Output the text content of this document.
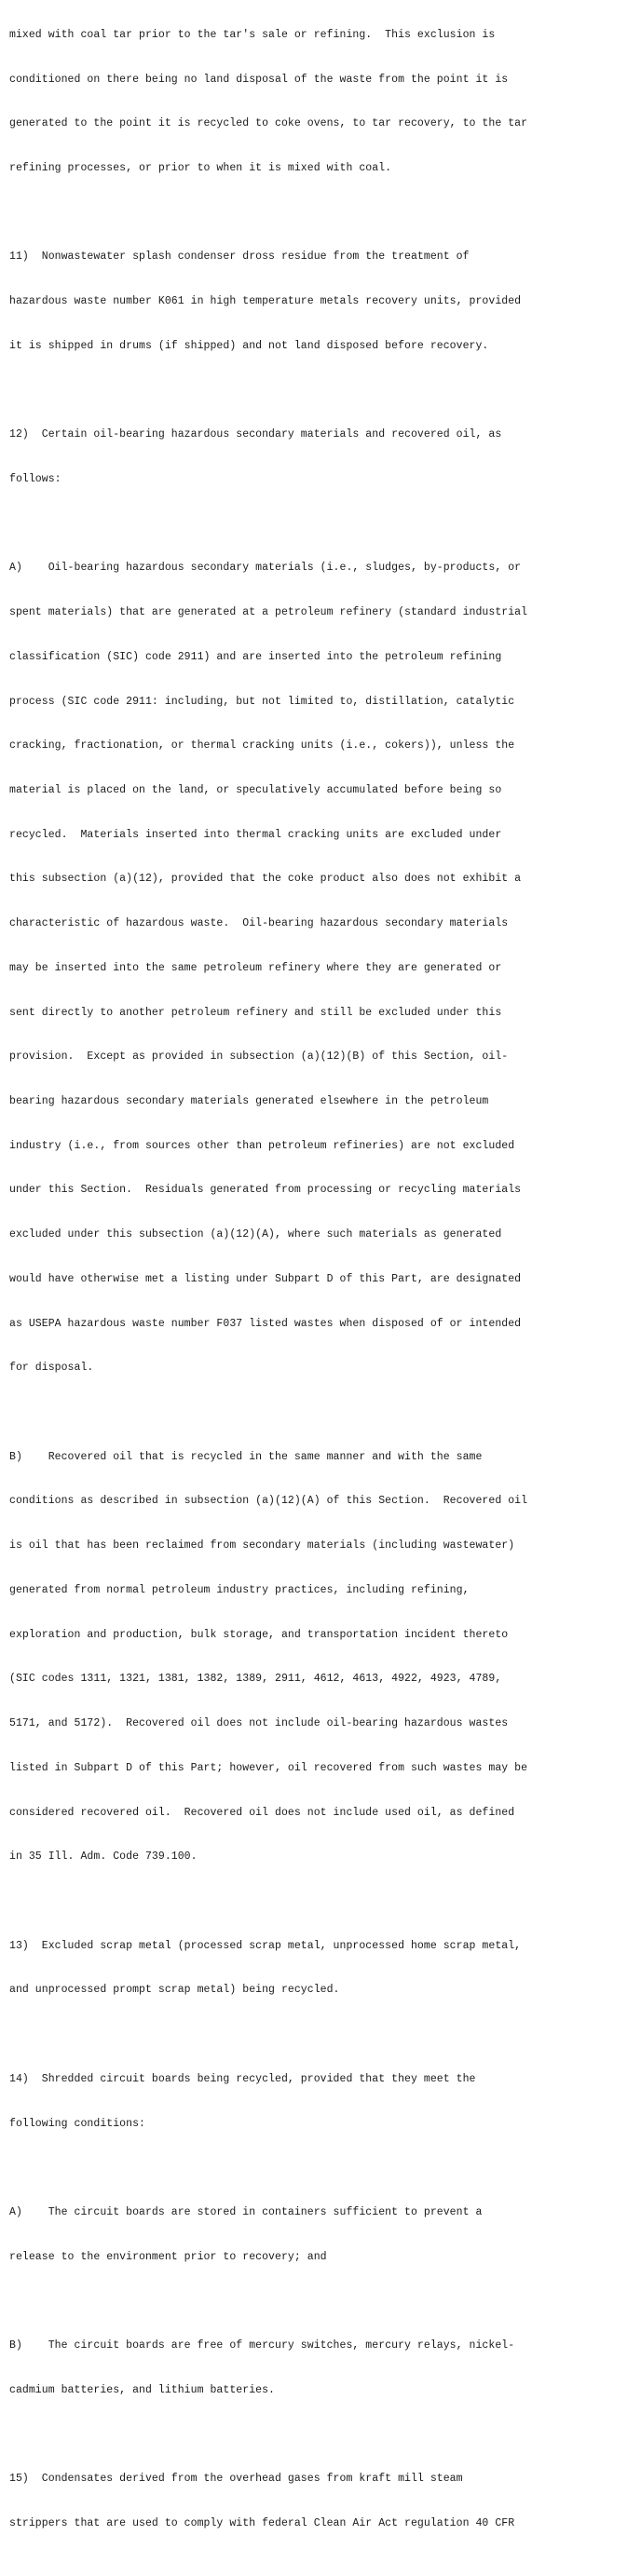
mixed with coal tar prior to the tar's sale or refining.  This exclusion is

conditioned on there being no land disposal of the waste from the point it is

generated to the point it is recycled to coke ovens, to tar recovery, to the tar

refining processes, or prior to when it is mixed with coal.

11)  Nonwastewater splash condenser dross residue from the treatment of

hazardous waste number K061 in high temperature metals recovery units, provided

it is shipped in drums (if shipped) and not land disposed before recovery.

12)  Certain oil-bearing hazardous secondary materials and recovered oil, as

follows:

A)    Oil-bearing hazardous secondary materials (i.e., sludges, by-products, or

spent materials) that are generated at a petroleum refinery (standard industrial

classification (SIC) code 2911) and are inserted into the petroleum refining

process (SIC code 2911: including, but not limited to, distillation, catalytic

cracking, fractionation, or thermal cracking units (i.e., cokers)), unless the

material is placed on the land, or speculatively accumulated before being so

recycled.  Materials inserted into thermal cracking units are excluded under

this subsection (a)(12), provided that the coke product also does not exhibit a

characteristic of hazardous waste.  Oil-bearing hazardous secondary materials

may be inserted into the same petroleum refinery where they are generated or

sent directly to another petroleum refinery and still be excluded under this

provision.  Except as provided in subsection (a)(12)(B) of this Section, oil-

bearing hazardous secondary materials generated elsewhere in the petroleum

industry (i.e., from sources other than petroleum refineries) are not excluded

under this Section.  Residuals generated from processing or recycling materials

excluded under this subsection (a)(12)(A), where such materials as generated

would have otherwise met a listing under Subpart D of this Part, are designated

as USEPA hazardous waste number F037 listed wastes when disposed of or intended

for disposal.

B)    Recovered oil that is recycled in the same manner and with the same

conditions as described in subsection (a)(12)(A) of this Section.  Recovered oil

is oil that has been reclaimed from secondary materials (including wastewater)

generated from normal petroleum industry practices, including refining,

exploration and production, bulk storage, and transportation incident thereto

(SIC codes 1311, 1321, 1381, 1382, 1389, 2911, 4612, 4613, 4922, 4923, 4789,

5171, and 5172).  Recovered oil does not include oil-bearing hazardous wastes

listed in Subpart D of this Part; however, oil recovered from such wastes may be

considered recovered oil.  Recovered oil does not include used oil, as defined

in 35 Ill. Adm. Code 739.100.

13)  Excluded scrap metal (processed scrap metal, unprocessed home scrap metal,

and unprocessed prompt scrap metal) being recycled.

14)  Shredded circuit boards being recycled, provided that they meet the

following conditions:

A)    The circuit boards are stored in containers sufficient to prevent a

release to the environment prior to recovery; and

B)    The circuit boards are free of mercury switches, mercury relays, nickel-

cadmium batteries, and lithium batteries.

15)  Condensates derived from the overhead gases from kraft mill steam

strippers that are used to comply with federal Clean Air Act regulation 40 CFR
